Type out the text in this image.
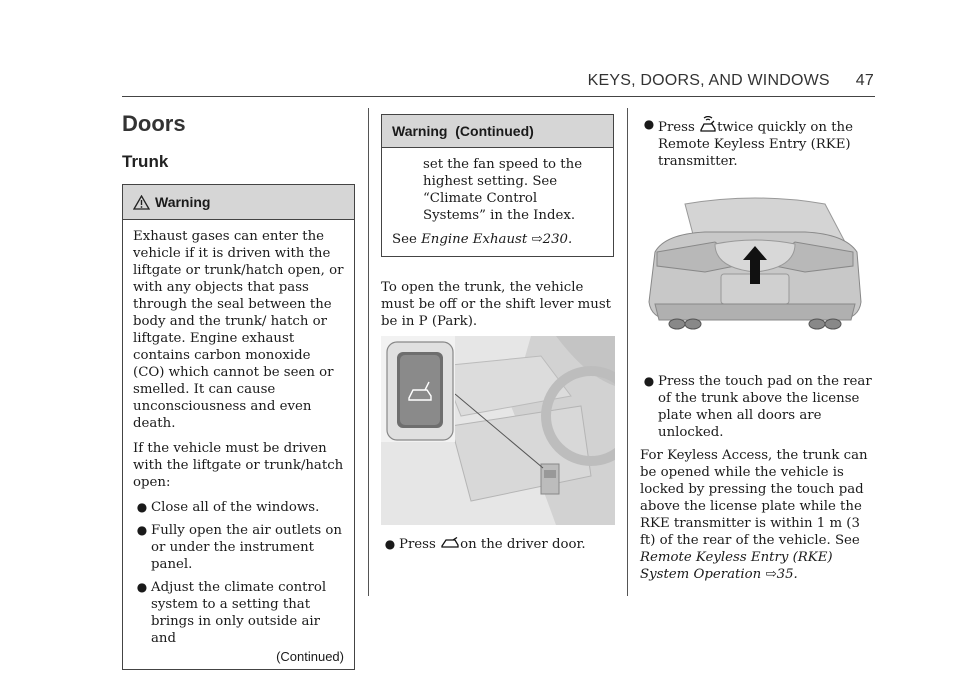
KEYS, DOORS, AND WINDOWS 47
Doors
Trunk
Warning

Exhaust gases can enter the vehicle if it is driven with the liftgate or trunk/hatch open, or with any objects that pass through the seal between the body and the trunk/ hatch or liftgate. Engine exhaust contains carbon monoxide (CO) which cannot be seen or smelled. It can cause unconsciousness and even death.

If the vehicle must be driven with the liftgate or trunk/hatch open:

● Close all of the windows.
● Fully open the air outlets on or under the instrument panel.
● Adjust the climate control system to a setting that brings in only outside air and
(Continued)
Warning  (Continued)

set the fan speed to the highest setting. See “Climate Control Systems” in the Index.

See Engine Exhaust ⇨230.

To open the trunk, the vehicle must be off or the shift lever must be in P (Park).

● Press on the driver door.
● Press twice quickly on the Remote Keyless Entry (RKE) transmitter.
● Press the touch pad on the rear of the trunk above the license plate when all doors are unlocked.

For Keyless Access, the trunk can be opened while the vehicle is locked by pressing the touch pad above the license plate while the RKE transmitter is within 1 m (3 ft) of the rear of the vehicle. See Remote Keyless Entry (RKE) System Operation ⇨35.
